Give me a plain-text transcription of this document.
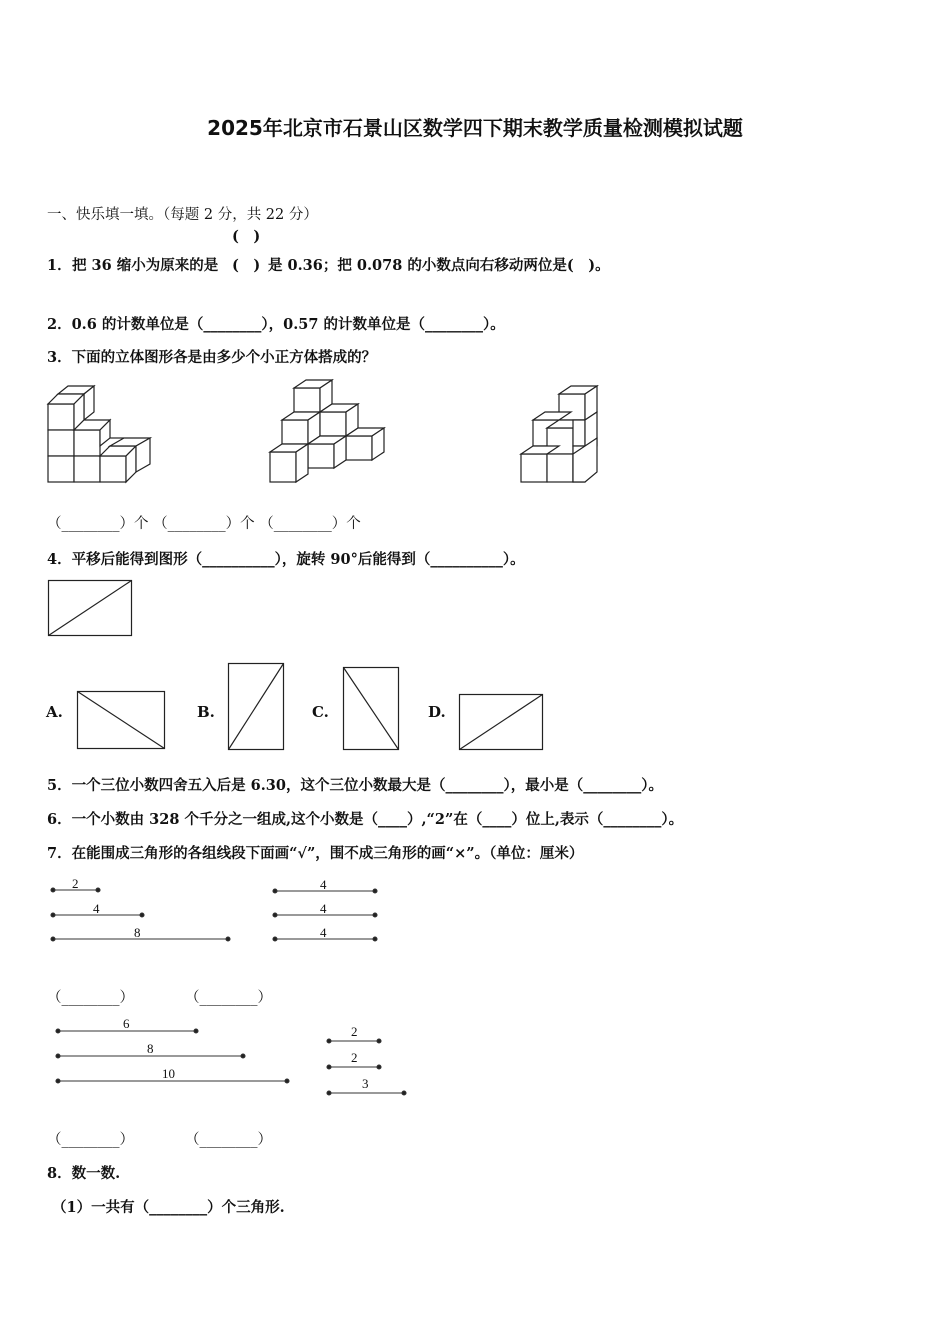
2025年北京市石景山区数学四下期末教学质量检测模拟试题
一、快乐填一填。（每题 2 分，共 22 分）
(　)
1． 把 36 缩小为原来的是 (　) 是 0.36；把 0.078 的小数点向右移动两位是(　)。
2．0.6 的计数单位是（________），0.57 的计数单位是（________）。
3．下面的立体图形各是由多少个小正方体搭成的？
（________）个 （________）个 （________）个
4．平移后能得到图形（__________），旋转 90°后能得到（__________）。
A.	B.	C.	D.
5．一个三位小数四舍五入后是 6.30，这个三位小数最大是（________），最小是（________）。
6．一个小数由 328 个千分之一组成,这个小数是（____）,“2”在（____）位上,表示（________）。
7．在能围成三角形的各组线段下面画“√”，围不成三角形的画“×”。（单位：厘米）
2
4
8
4
4
4
（________）	（________）
6
8
10
2
2
3
（________）	（________）
8．数一数.
（1）一共有（________）个三角形.
